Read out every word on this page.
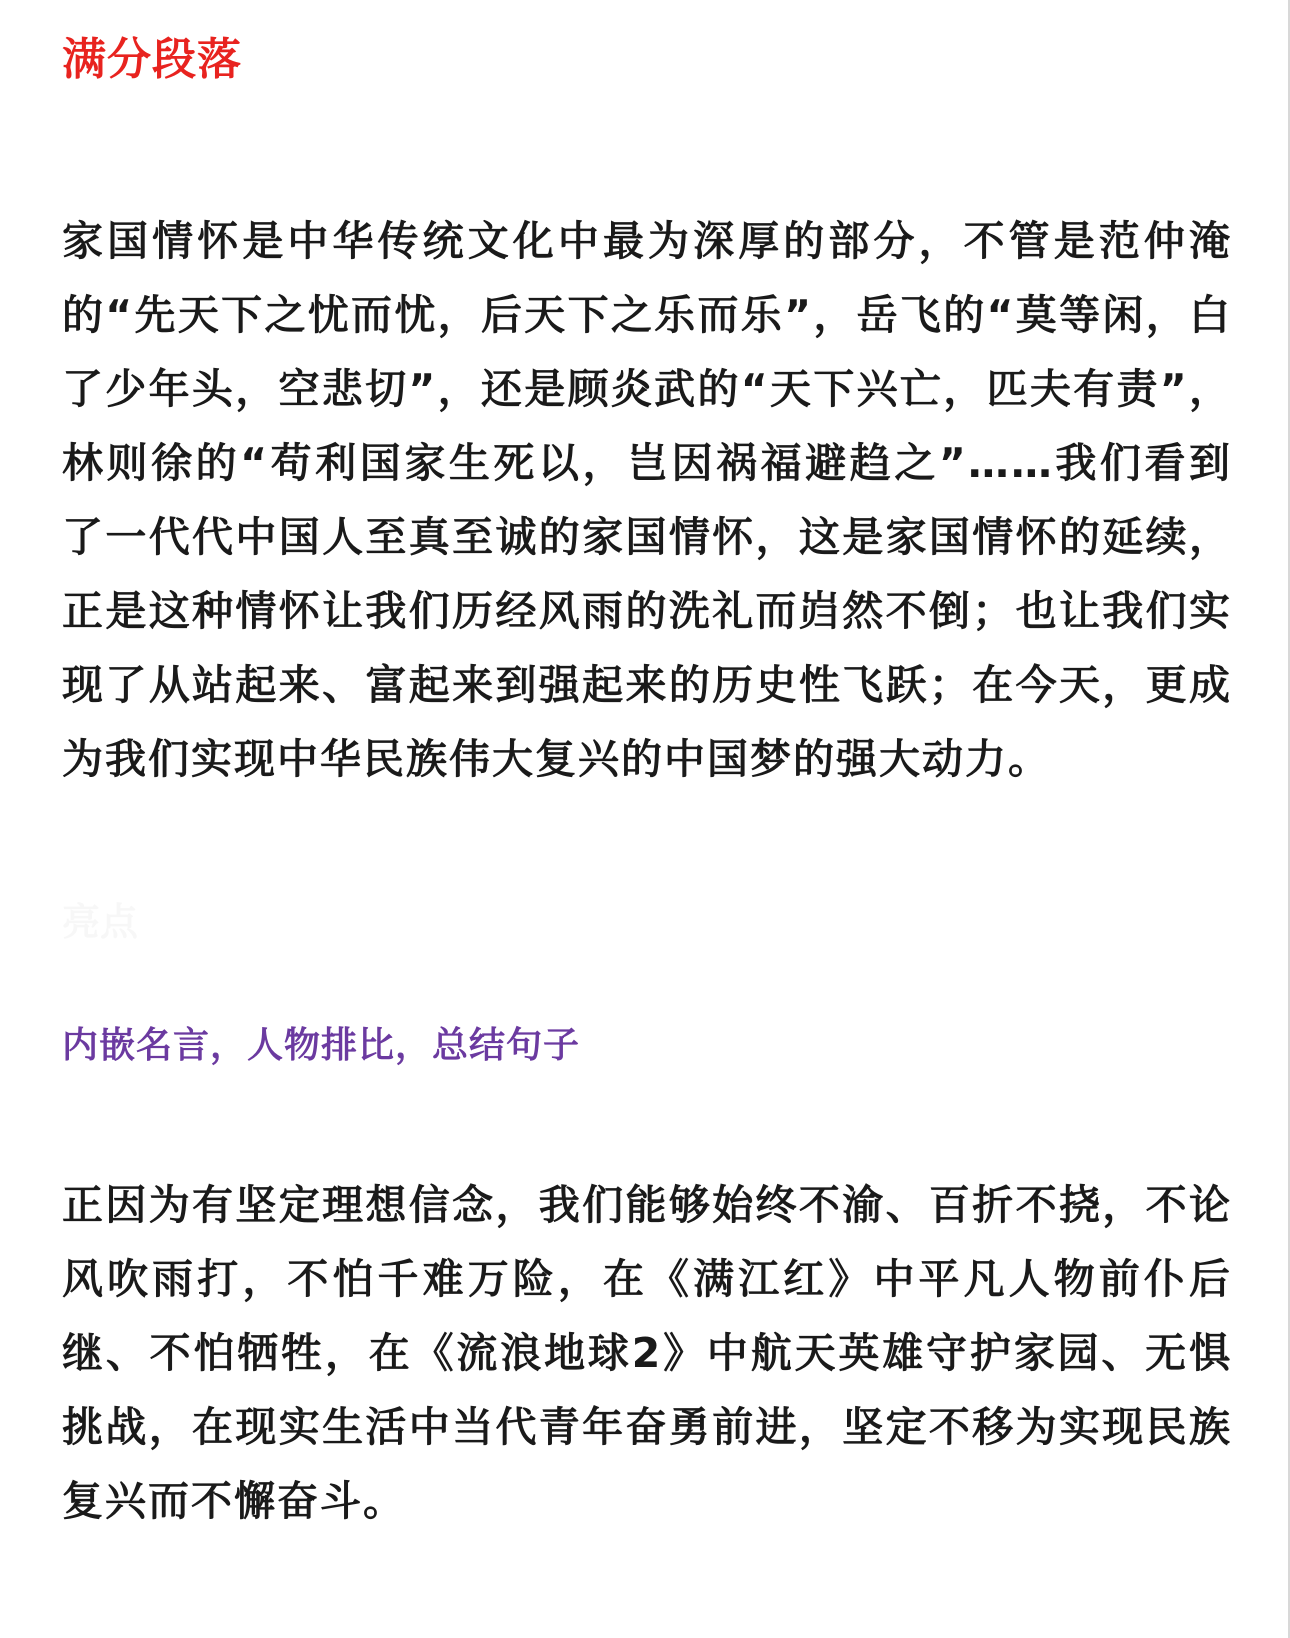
满分段落

家国情怀是中华传统文化中最为深厚的部分，不管是范仲淹的“先天下之忧而忧，后天下之乐而乐”，岳飞的“莫等闲，白了少年头，空悲切”，还是顾炎武的“天下兴亡，匹夫有责”，林则徐的“苟利国家生死以，岂因祸福避趋之”……我们看到了一代代中国人至真至诚的家国情怀，这是家国情怀的延续，正是这种情怀让我们历经风雨的洗礼而岿然不倒；也让我们实现了从站起来、富起来到强起来的历史性飞跃；在今天，更成为我们实现中华民族伟大复兴的中国梦的强大动力。

亮点
内嵌名言，人物排比，总结句子

正因为有坚定理想信念，我们能够始终不渝、百折不挠，不论风吹雨打，不怕千难万险，在《满江红》中平凡人物前仆后继、不怕牺牲，在《流浪地球2》中航天英雄守护家园、无惧挑战，在现实生活中当代青年奋勇前进，坚定不移为实现民族复兴而不懈奋斗。
